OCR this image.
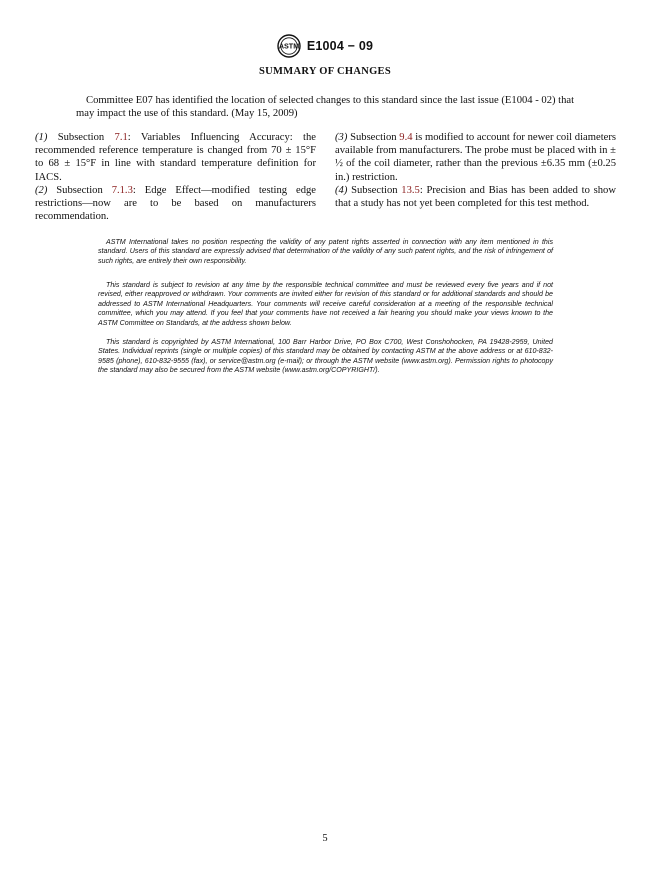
ASTM E1004 − 09
SUMMARY OF CHANGES
Committee E07 has identified the location of selected changes to this standard since the last issue (E1004 - 02) that may impact the use of this standard. (May 15, 2009)

(1) Subsection 7.1: Variables Influencing Accuracy: the recommended reference temperature is changed from 70 ± 15°F to 68 ± 15°F in line with standard temperature definition for IACS.

(2) Subsection 7.1.3: Edge Effect—modified testing edge restrictions—now are to be based on manufacturers recommendation.

(3) Subsection 9.4 is modified to account for newer coil diameters available from manufacturers. The probe must be placed with in ± ½ of the coil diameter, rather than the previous ±6.35 mm (±0.25 in.) restriction.

(4) Subsection 13.5: Precision and Bias has been added to show that a study has not yet been completed for this test method.

ASTM International takes no position respecting the validity of any patent rights asserted in connection with any item mentioned in this standard. Users of this standard are expressly advised that determination of the validity of any such patent rights, and the risk of infringement of such rights, are entirely their own responsibility.
This standard is subject to revision at any time by the responsible technical committee and must be reviewed every five years and if not revised, either reapproved or withdrawn. Your comments are invited either for revision of this standard or for additional standards and should be addressed to ASTM International Headquarters. Your comments will receive careful consideration at a meeting of the responsible technical committee, which you may attend. If you feel that your comments have not received a fair hearing you should make your views known to the ASTM Committee on Standards, at the address shown below.
This standard is copyrighted by ASTM International, 100 Barr Harbor Drive, PO Box C700, West Conshohocken, PA 19428-2959, United States. Individual reprints (single or multiple copies) of this standard may be obtained by contacting ASTM at the above address or at 610-832-9585 (phone), 610-832-9555 (fax), or service@astm.org (e-mail); or through the ASTM website (www.astm.org). Permission rights to photocopy the standard may also be secured from the ASTM website (www.astm.org/COPYRIGHT/).
5
